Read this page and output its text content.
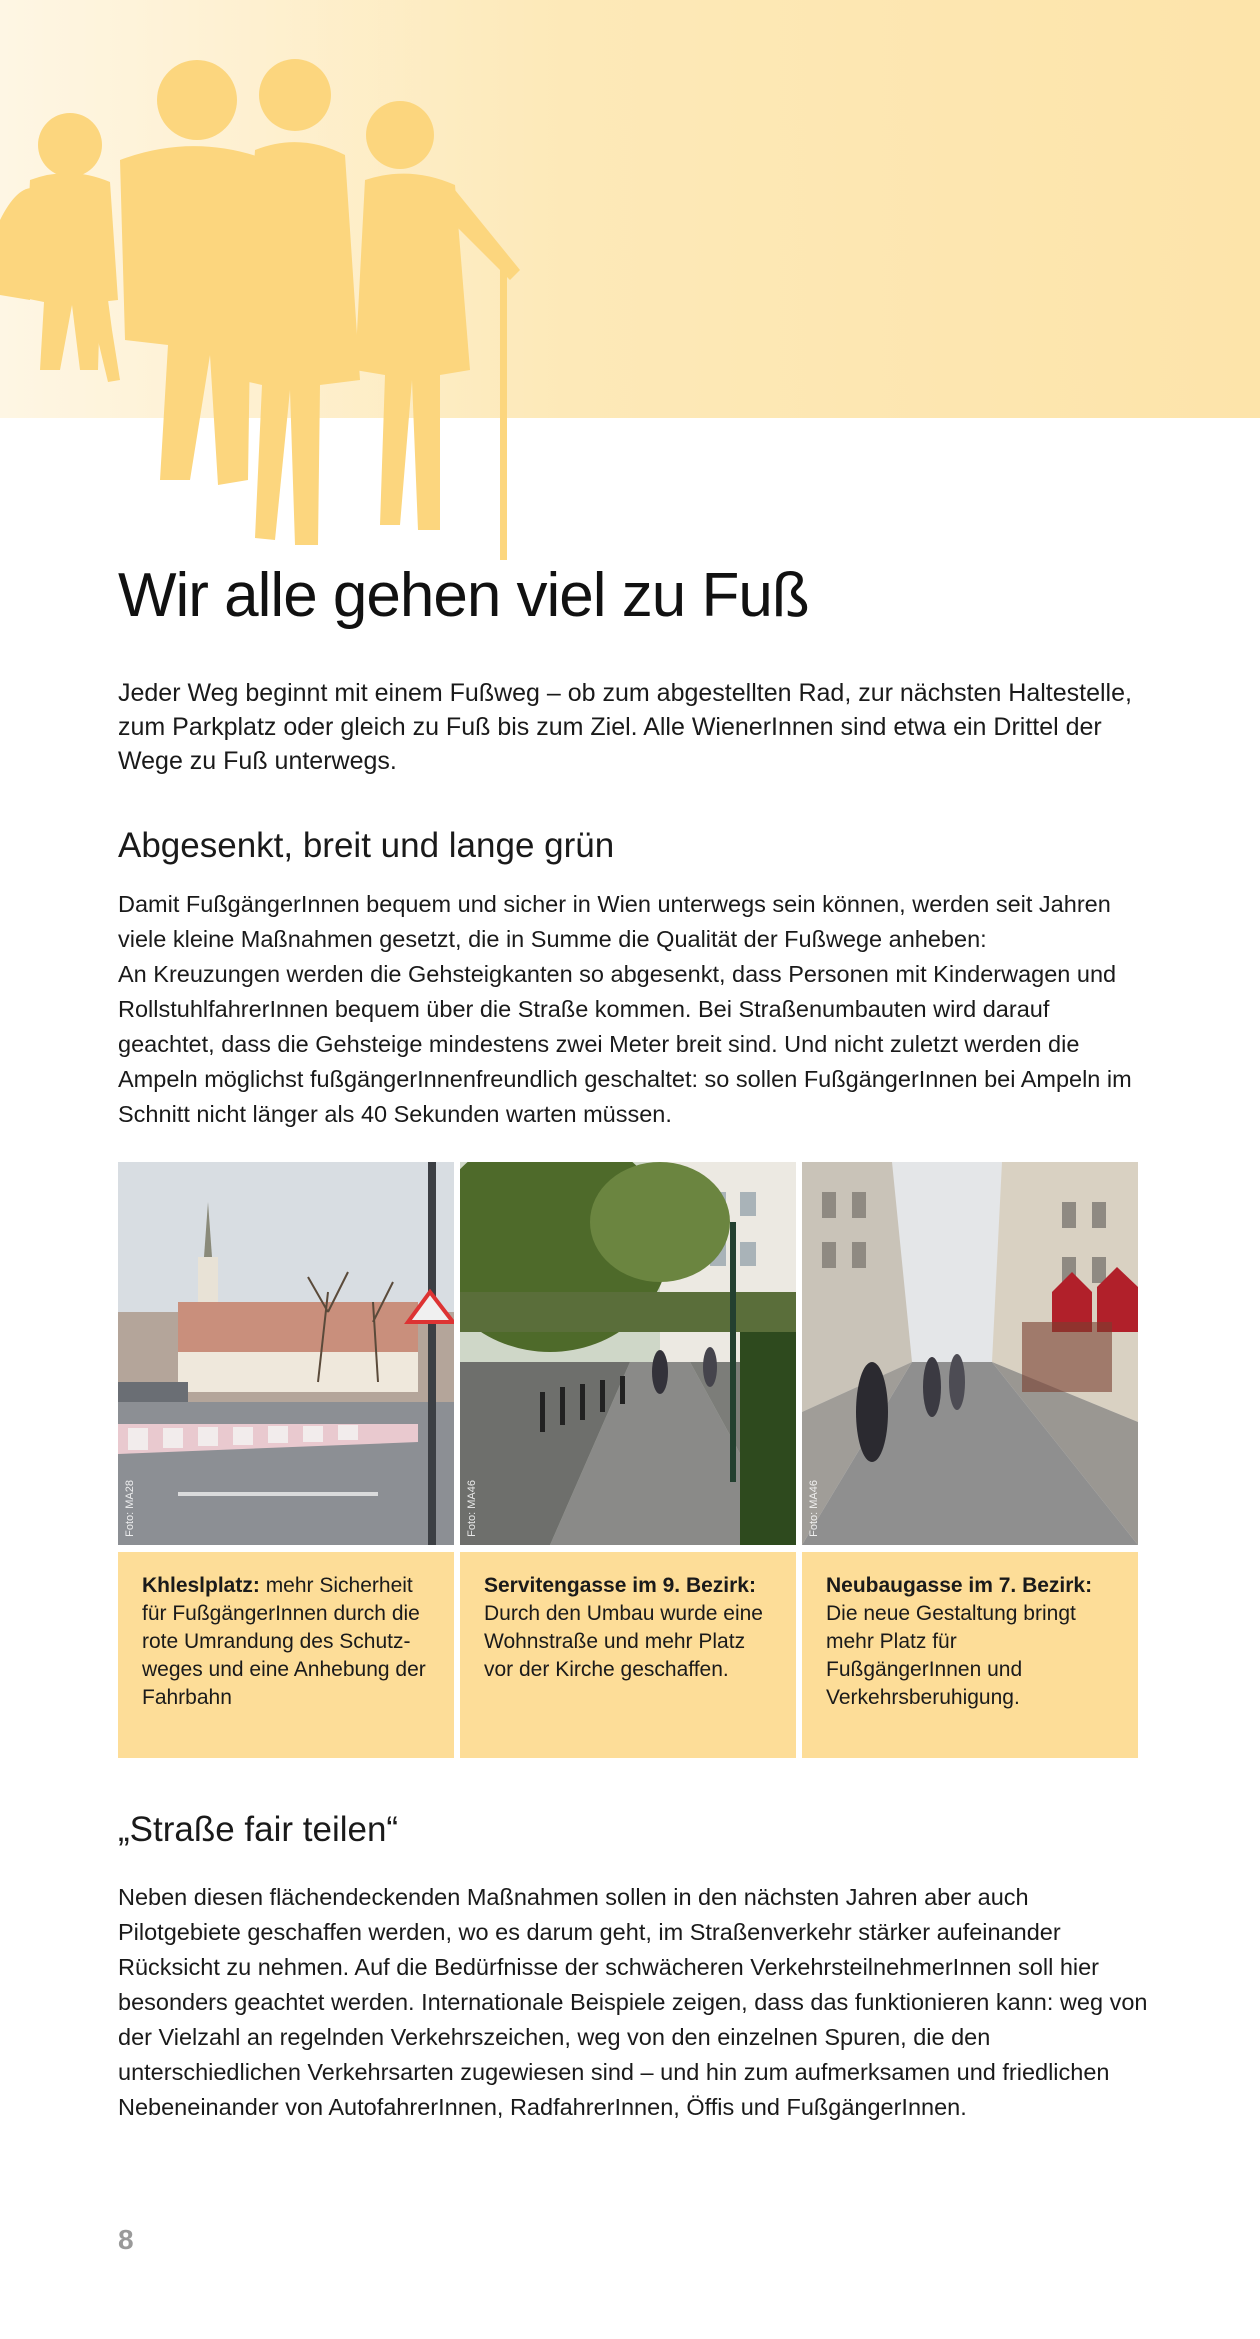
Wir alle gehen viel zu Fuß

Jeder Weg beginnt mit einem Fußweg – ob zum abgestellten Rad, zur nächsten Haltestelle, zum Parkplatz oder gleich zu Fuß bis zum Ziel. Alle WienerInnen sind etwa ein Drittel der Wege zu Fuß unterwegs.

Abgesenkt, breit und lange grün

Damit FußgängerInnen bequem und sicher in Wien unterwegs sein können, werden seit Jahren viele kleine Maßnahmen gesetzt, die in Summe die Qualität der Fußwege anheben:

An Kreuzungen werden die Gehsteigkanten so abgesenkt, dass Personen mit Kinderwagen und RollstuhlfahrerInnen bequem über die Straße kommen. Bei Straßenumbauten wird darauf geachtet, dass die Gehsteige mindestens zwei Meter breit sind. Und nicht zuletzt werden die Ampeln möglichst fußgängerInnenfreundlich geschaltet: so sollen FußgängerInnen bei Ampeln im Schnitt nicht länger als 40 Sekunden warten müssen.

Foto: MA28	Foto: MA46	Foto: MA46

Khleslplatz: mehr Sicherheit für FußgängerInnen durch die rote Umrandung des Schutzweges und eine Anhebung der Fahrbahn

Servitengasse im 9. Bezirk: Durch den Umbau wurde eine Wohnstraße und mehr Platz vor der Kirche geschaffen.

Neubaugasse im 7. Bezirk: Die neue Gestaltung bringt mehr Platz für FußgängerInnen und Verkehrsberuhigung.

„Straße fair teilen“

Neben diesen flächendeckenden Maßnahmen sollen in den nächsten Jahren aber auch Pilotgebiete geschaffen werden, wo es darum geht, im Straßenverkehr stärker aufeinander Rücksicht zu nehmen. Auf die Bedürfnisse der schwächeren VerkehrsteilnehmerInnen soll hier besonders geachtet werden. Internationale Beispiele zeigen, dass das funktionieren kann: weg von der Vielzahl an regelnden Verkehrszeichen, weg von den einzelnen Spuren, die den unterschiedlichen Verkehrsarten zugewiesen sind – und hin zum aufmerksamen und friedlichen Nebeneinander von AutofahrerInnen, RadfahrerInnen, Öffis und FußgängerInnen.

8
